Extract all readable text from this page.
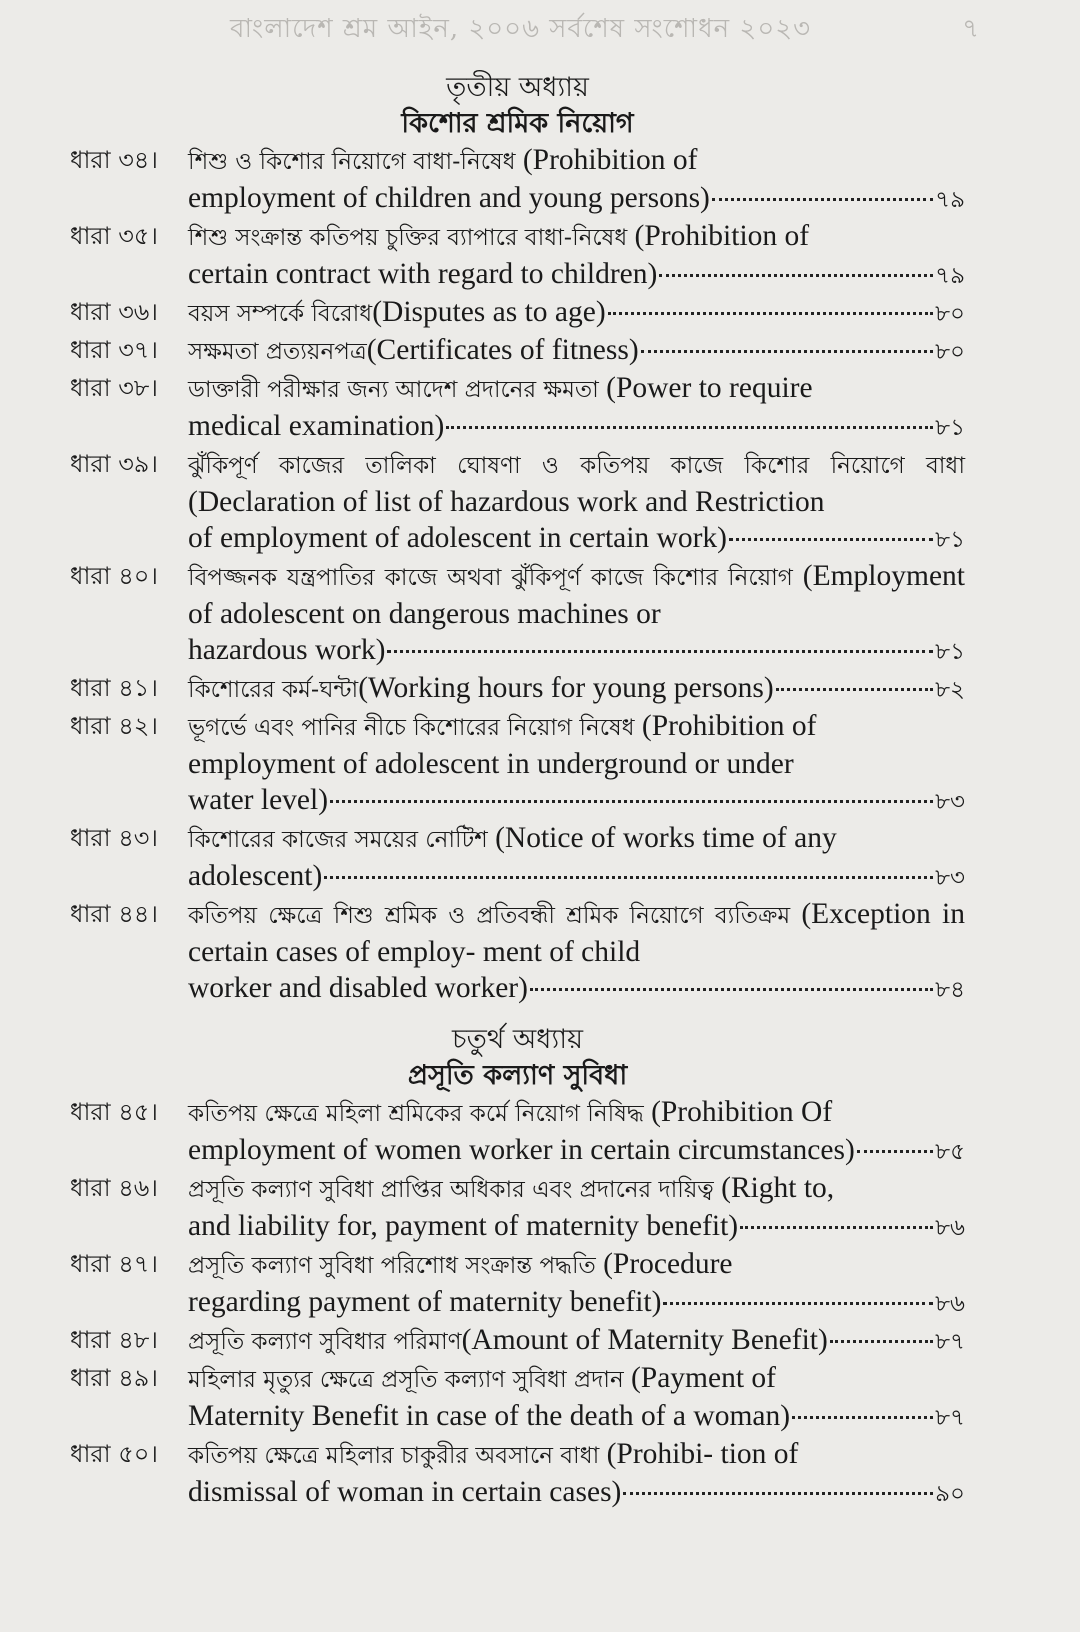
বাংলাদেশ শ্রম আইন, ২০০৬ সর্বশেষ সংশোধন ২০২৩	৭
তৃতীয় অধ্যায়
কিশোর শ্রমিক নিয়োগ
ধারা ৩৪।	শিশু ও কিশোর নিয়োগে বাধা-নিষেধ (Prohibition of
employment of children and young persons)	৭৯
ধারা ৩৫।	শিশু সংক্রান্ত কতিপয় চুক্তির ব্যাপারে বাধা-নিষেধ (Prohibition of
certain contract with regard to children)	৭৯
ধারা ৩৬।	বয়স সম্পর্কে বিরোধ (Disputes as to age)	৮০
ধারা ৩৭।	সক্ষমতা প্রত্যয়নপত্র (Certificates of fitness)	৮০
ধারা ৩৮।	ডাক্তারী পরীক্ষার জন্য আদেশ প্রদানের ক্ষমতা (Power to require
medical examination)	৮১
ধারা ৩৯।	ঝুঁকিপূর্ণ কাজের তালিকা ঘোষণা ও কতিপয় কাজে কিশোর নিয়োগে বাধা (Declaration of list of hazardous work and Restriction
of employment of adolescent in certain work)	৮১
ধারা ৪০।	বিপজ্জনক যন্ত্রপাতির কাজে অথবা ঝুঁকিপূর্ণ কাজে কিশোর নিয়োগ (Employment of adolescent on dangerous machines or
hazardous work)	৮১
ধারা ৪১।	কিশোরের কর্ম-ঘন্টা (Working hours for young persons)	৮২
ধারা ৪২।	ভূগর্ভে এবং পানির নীচে কিশোরের নিয়োগ নিষেধ (Prohibition of
employment of adolescent in underground or under
water level)	৮৩
ধারা ৪৩।	কিশোরের কাজের সময়ের নোটিশ (Notice of works time of any
adolescent)	৮৩
ধারা ৪৪।	কতিপয় ক্ষেত্রে শিশু শ্রমিক ও প্রতিবন্ধী শ্রমিক নিয়োগে ব্যতিক্রম (Exception in certain cases of employ- ment of child
worker and disabled worker)	৮৪
চতুর্থ অধ্যায়
প্রসূতি কল্যাণ সুবিধা
ধারা ৪৫।	কতিপয় ক্ষেত্রে মহিলা শ্রমিকের কর্মে নিয়োগ নিষিদ্ধ (Prohibition Of
employment of women worker in certain circumstances)	৮৫
ধারা ৪৬।	প্রসূতি কল্যাণ সুবিধা প্রাপ্তির অধিকার এবং প্রদানের দায়িত্ব (Right to,
and liability for, payment of maternity benefit)	৮৬
ধারা ৪৭।	প্রসূতি কল্যাণ সুবিধা পরিশোধ সংক্রান্ত পদ্ধতি (Procedure
regarding payment of maternity benefit)	৮৬
ধারা ৪৮।	প্রসূতি কল্যাণ সুবিধার পরিমাণ (Amount of Maternity Benefit)	৮৭
ধারা ৪৯।	মহিলার মৃত্যুর ক্ষেত্রে প্রসূতি কল্যাণ সুবিধা প্রদান (Payment of
Maternity Benefit in case of the death of a woman)	৮৭
ধারা ৫০।	কতিপয় ক্ষেত্রে মহিলার চাকুরীর অবসানে বাধা (Prohibi- tion of
dismissal of woman in certain cases)	৯০
